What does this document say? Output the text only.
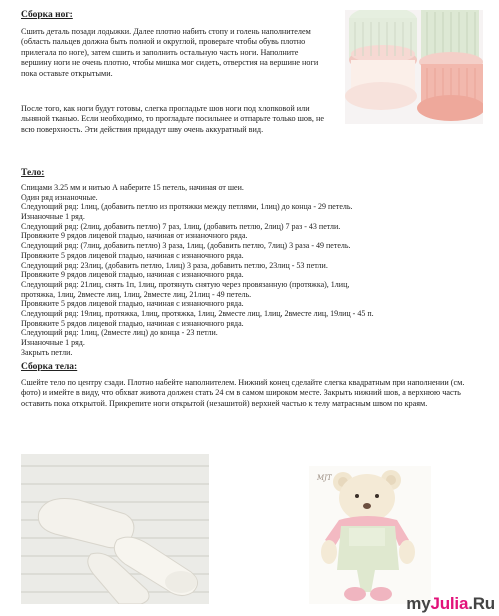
Сборка ног:
Сшить деталь позади лодыжки. Далее плотно набить стопу и голень наполнителем (область пальцев должна быть полной и округлой, проверьте чтобы обувь плотно прилегала по ноге), затем сшить и заполнить остальную часть ноги. Наполните вершину ноги не очень плотно, чтобы мишка мог сидеть, отверстия на вершине ноги пока оставьте открытыми.
После того, как ноги будут готовы, слегка прогладьте шов ноги под хлопковой или льняной тканью. Если необходимо, то прогладьте посильнее и отпарьте только шов, не всю поверхность. Эти действия придадут шву очень аккуратный вид.
Тело:
Спицами 3.25 мм и нитью А наберите 15 петель, начиная от шеи.
Один ряд изнаночные.
Следующий ряд: 1лиц, (добавить петлю из протяжки между петлями, 1лиц) до конца - 29 петель.
Изнаночные 1 ряд.
Следующий ряд: (2лиц, добавить петлю) 7 раз, 1лиц, (добавить петлю, 2лиц) 7 раз - 43 петли.
Провяжите 9 рядов лицевой гладью, начиная от изнаночного ряда.
Следующий ряд: (7лиц, добавить петлю) 3 раза, 1лиц, (добавить петлю, 7лиц) 3 раза - 49 петель.
Провяжите 5 рядов лицевой гладью, начиная с изнаночного ряда.
Следующий ряд: 23лиц, (добавить петлю, 1лиц) 3 раза, добавить петлю, 23лиц - 53 петли.
Провяжите 9 рядов лицевой гладью, начиная с изнаночного ряда.
Следующий ряд: 21лиц, снять 1п, 1лиц, протянуть снятую через провязанную (протяжка), 1лиц,
протяжка, 1лиц, 2вместе лиц, 1лиц, 2вместе лиц, 21лиц - 49 петель.
Провяжите 5 рядов лицевой гладью, начиная с изнаночного ряда.
Следующий ряд: 19лиц, протяжка, 1лиц, протяжка, 1лиц, 2вместе лиц, 1лиц, 2вместе лиц, 19лиц - 45 п.
Провяжите 5 рядов лицевой гладью, начиная с изнаночного ряда.
Следующий ряд: 1лиц, (2вместе лиц) до конца - 23 петли.
Изнаночные 1 ряд.
Закрыть петли.
Сборка тела:
Сшейте тело по центру сзади. Плотно набейте наполнителем. Нижний конец сделайте слегка квадратным при наполнении (см. фото) и имейте в виду, что обхват живота должен стать 24 см в самом широком месте. Закрыть нижний шов, а верхнюю часть оставить пока открытой. Прикрепите ноги открытой (незашитой) верхней частью к телу матрасным швом по краям.
MJT
myJulia.Ru
